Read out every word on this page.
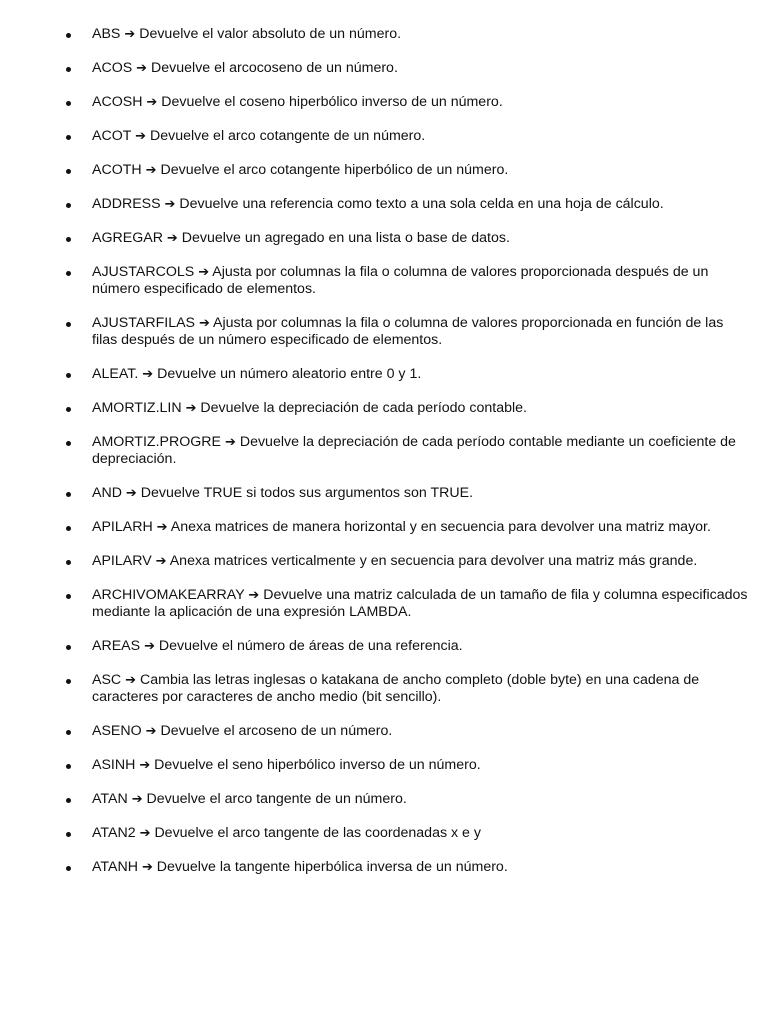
ABS ➔ Devuelve el valor absoluto de un número.
ACOS ➔ Devuelve el arcocoseno de un número.
ACOSH ➔ Devuelve el coseno hiperbólico inverso de un número.
ACOT ➔ Devuelve el arco cotangente de un número.
ACOTH ➔ Devuelve el arco cotangente hiperbólico de un número.
ADDRESS ➔ Devuelve una referencia como texto a una sola celda en una hoja de cálculo.
AGREGAR ➔ Devuelve un agregado en una lista o base de datos.
AJUSTARCOLS ➔ Ajusta por columnas la fila o columna de valores proporcionada después de un número especificado de elementos.
AJUSTARFILAS ➔ Ajusta por columnas la fila o columna de valores proporcionada en función de las filas después de un número especificado de elementos.
ALEAT. ➔ Devuelve un número aleatorio entre 0 y 1.
AMORTIZ.LIN ➔ Devuelve la depreciación de cada período contable.
AMORTIZ.PROGRE ➔ Devuelve la depreciación de cada período contable mediante un coeficiente de depreciación.
AND ➔ Devuelve TRUE si todos sus argumentos son TRUE.
APILARH ➔ Anexa matrices de manera horizontal y en secuencia para devolver una matriz mayor.
APILARV ➔ Anexa matrices verticalmente y en secuencia para devolver una matriz más grande.
ARCHIVOMAKEARRAY ➔ Devuelve una matriz calculada de un tamaño de fila y columna especificados mediante la aplicación de una expresión LAMBDA.
AREAS ➔ Devuelve el número de áreas de una referencia.
ASC ➔ Cambia las letras inglesas o katakana de ancho completo (doble byte) en una cadena de caracteres por caracteres de ancho medio (bit sencillo).
ASENO ➔ Devuelve el arcoseno de un número.
ASINH ➔ Devuelve el seno hiperbólico inverso de un número.
ATAN ➔ Devuelve el arco tangente de un número.
ATAN2 ➔ Devuelve el arco tangente de las coordenadas x e y
ATANH ➔ Devuelve la tangente hiperbólica inversa de un número.
